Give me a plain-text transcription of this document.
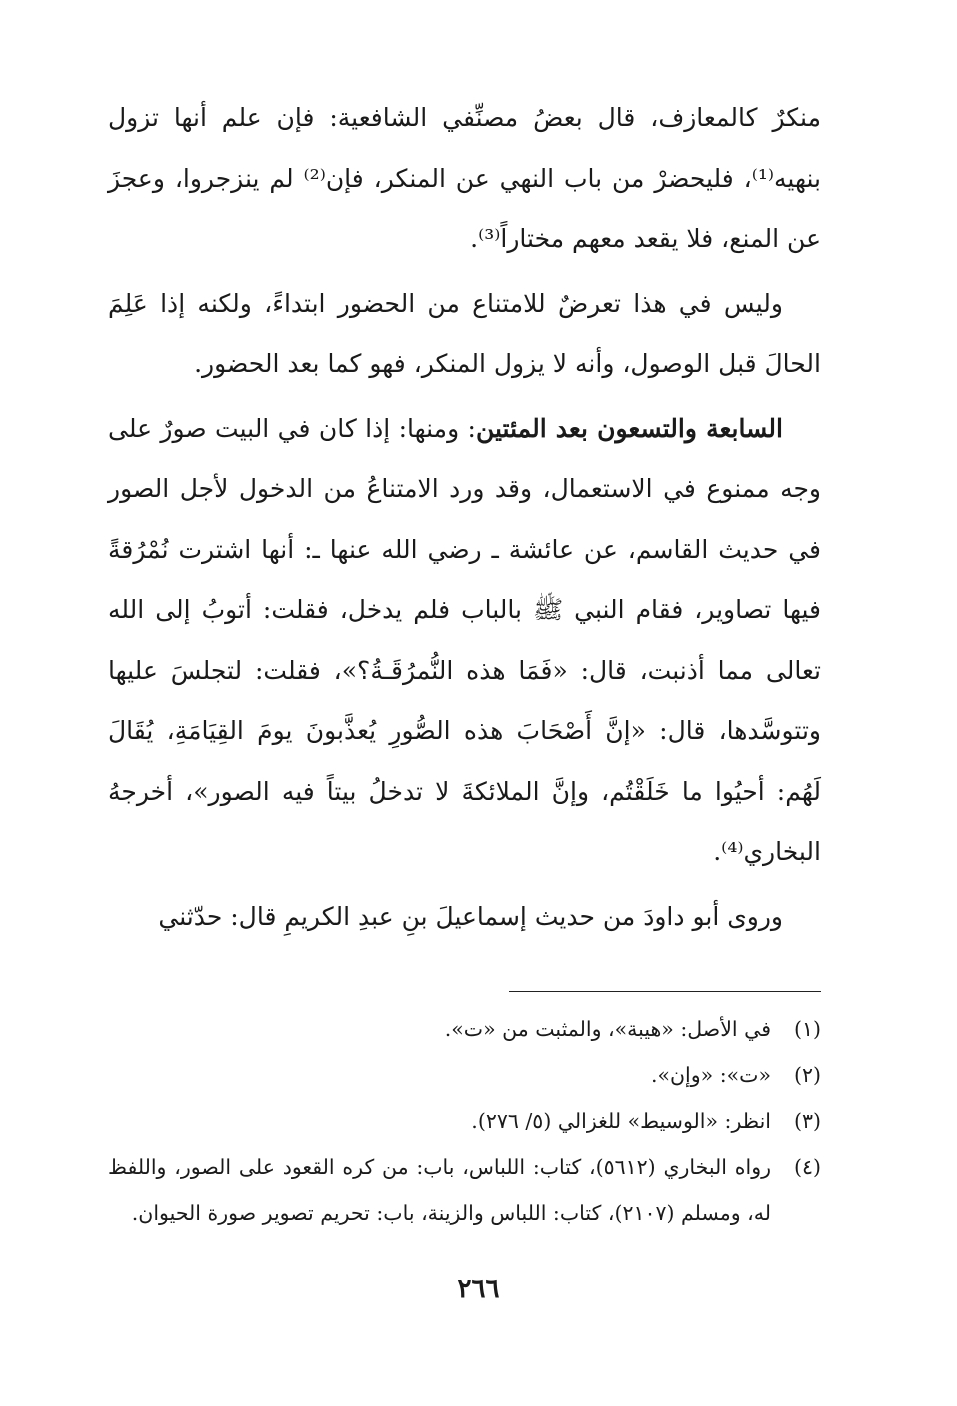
منكرٌ كالمعازف، قال بعضُ مصنِّفي الشافعية: فإن علم أنها تزول بنهيه⁽¹⁾، فليحضرْ من باب النهي عن المنكر، فإن⁽²⁾ لم ينزجروا، وعجزَ عن المنع، فلا يقعد معهم مختاراً⁽³⁾.

وليس في هذا تعرضٌ للامتناع من الحضور ابتداءً، ولكنه إذا عَلِمَ الحالَ قبل الوصول، وأنه لا يزول المنكر، فهو كما بعد الحضور.

السابعة والتسعون بعد المئتين: ومنها: إذا كان في البيت صورٌ على وجه ممنوع في الاستعمال، وقد ورد الامتناعُ من الدخول لأجل الصور في حديث القاسم، عن عائشة ـ رضي الله عنها ـ: أنها اشترت نُمْرُقةً فيها تصاوير، فقام النبي ﷺ بالباب فلم يدخل، فقلت: أتوبُ إلى الله تعالى مما أذنبت، قال: «فَمَا هذه النُّمرُقَـةُ؟»، فقلت: لتجلسَ عليها وتتوسَّدها، قال: «إنَّ أَصْحَابَ هذه الصُّورِ يُعذَّبونَ يومَ القِيَامَةِ، يُقَالَ لَهُم: أحيُوا ما خَلَقْتُم، وإنَّ الملائكةَ لا تدخلُ بيتاً فيه الصور»، أخرجهُ البخاري⁽⁴⁾.

وروى أبو داودَ من حديث إسماعيلَ بنِ عبدِ الكريمِ قال: حدّثني

(١)
في الأصل: «هيبة»، والمثبت من «ت».
(٢)
«ت»: «وإن».
(٣)
انظر: «الوسيط» للغزالي (٥/ ٢٧٦).
(٤)
رواه البخاري (٥٦١٢)، كتاب: اللباس، باب: من كره القعود على الصور، واللفظ له، ومسلم (٢١٠٧)، كتاب: اللباس والزينة، باب: تحريم تصوير صورة الحيوان.
٢٦٦
